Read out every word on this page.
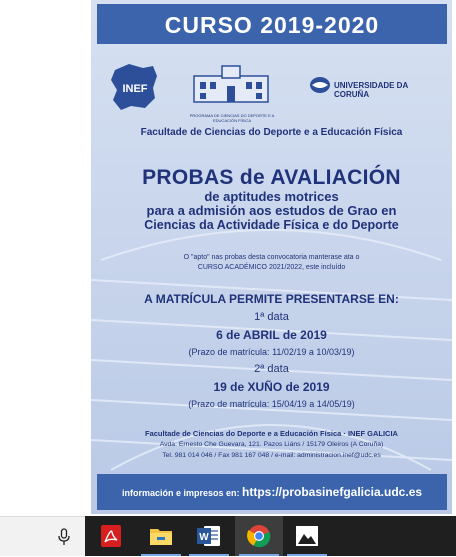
CURSO 2019-2020
INEF
PROGRAMA DE CIENCIAS DO DEPORTE E A EDUCACIÓN FÍSICA
UNIVERSIDADE DA CORUÑA
Facultade de Ciencias do Deporte e a Educación Física
PROBAS de AVALIACIÓN
de aptitudes motrices
para a admisión aos estudos de Grao en
Ciencias da Actividade Física e do Deporte
O "apto" nas probas desta convocatoria manterase ata o
CURSO ACADÉMICO 2021/2022, este incluído
A MATRÍCULA PERMITE PRESENTARSE EN:
1ª data
6 de ABRIL de 2019
(Prazo de matrícula: 11/02/19 a 10/03/19)
2ª data
19 de XUÑO de 2019
(Prazo de matrícula: 15/04/19 a 14/05/19)
Facultade de Ciencias do Deporte e a Educación Física · INEF GALICIA
Avda. Ernesto Che Guevara, 121. Pazos Liáns / 15179 Oleiros (A Coruña)
Tel. 981 014 046 / Fax 981 167 048 / e-mail: administracion.inef@udc.es
información e impresos en: https://probasinefgalicia.udc.es
W
